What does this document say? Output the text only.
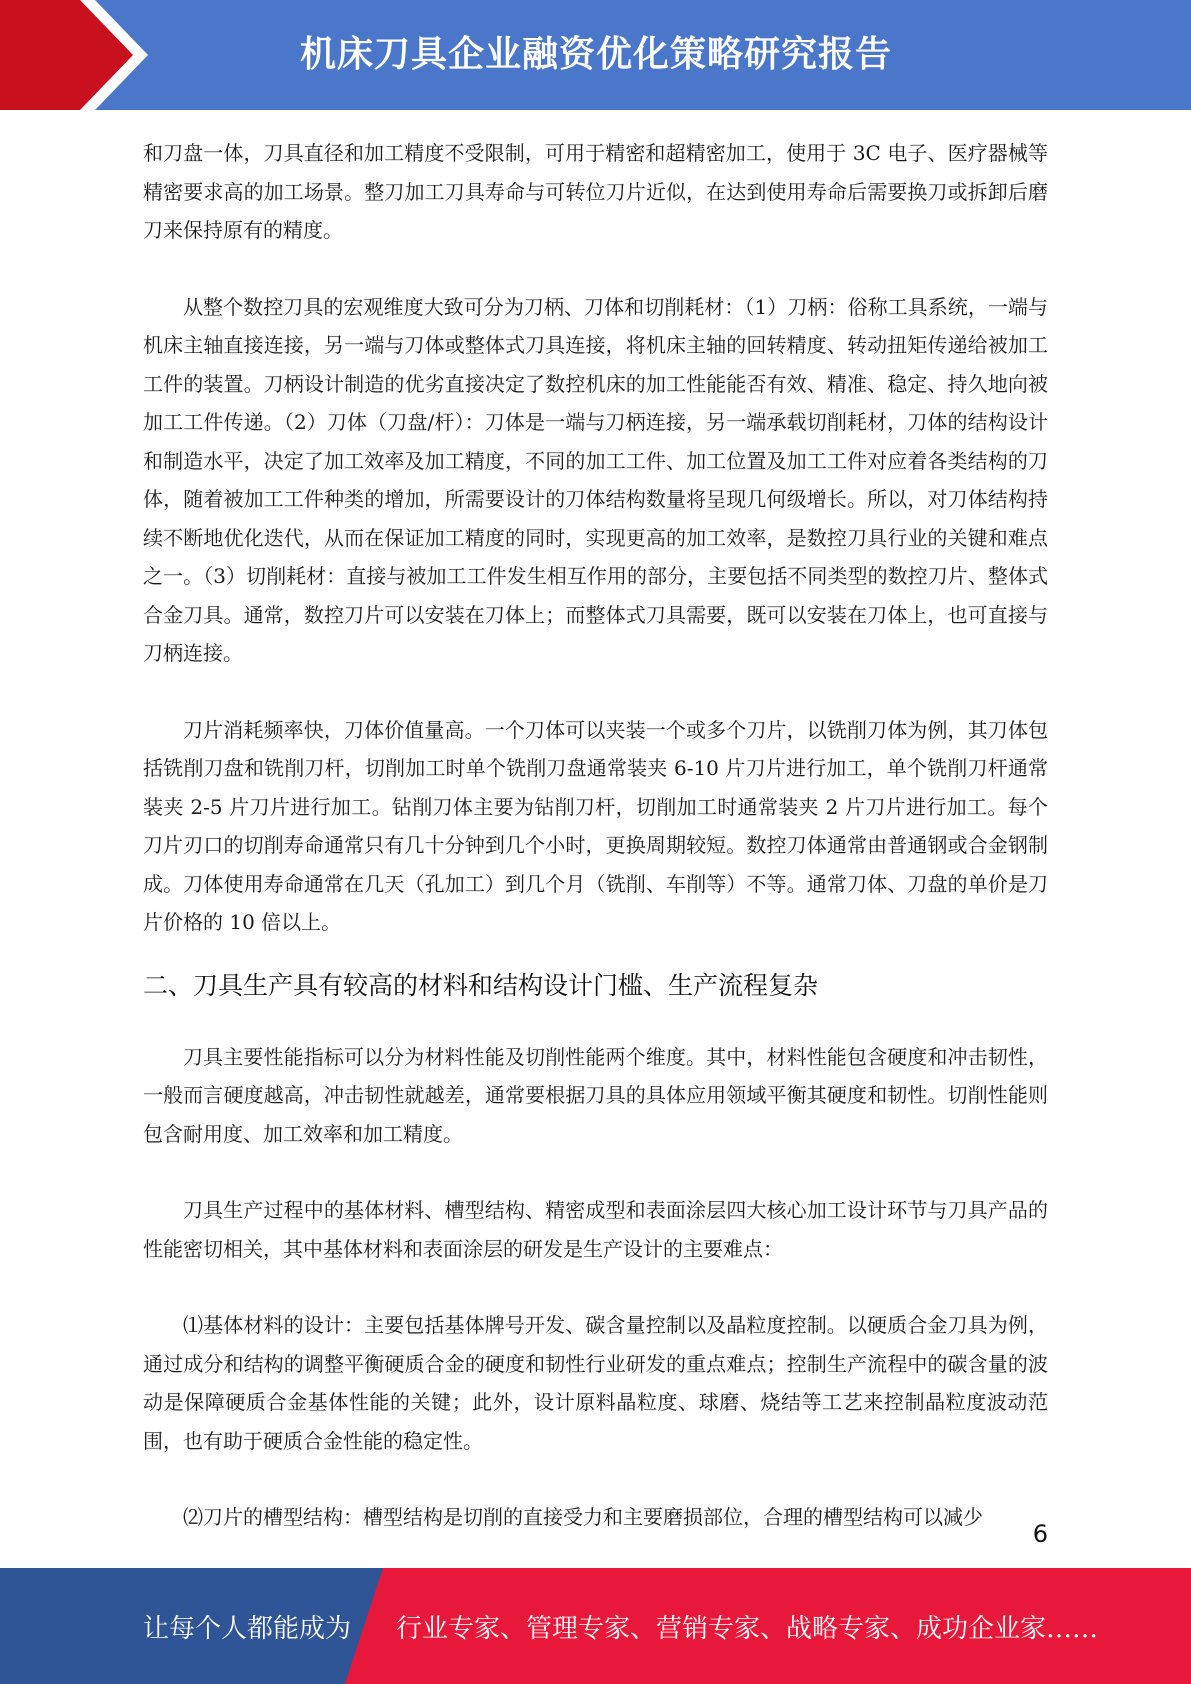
机床刀具企业融资优化策略研究报告

和刀盘一体，刀具直径和加工精度不受限制，可用于精密和超精密加工，使用于 3C 电子、医疗器械等精密要求高的加工场景。整刀加工刀具寿命与可转位刀片近似，在达到使用寿命后需要换刀或拆卸后磨刀来保持原有的精度。

从整个数控刀具的宏观维度大致可分为刀柄、刀体和切削耗材：（1）刀柄：俗称工具系统，一端与机床主轴直接连接，另一端与刀体或整体式刀具连接，将机床主轴的回转精度、转动扭矩传递给被加工工件的装置。刀柄设计制造的优劣直接决定了数控机床的加工性能能否有效、精准、稳定、持久地向被加工工件传递。（2）刀体（刀盘/杆）：刀体是一端与刀柄连接，另一端承载切削耗材，刀体的结构设计和制造水平，决定了加工效率及加工精度，不同的加工工件、加工位置及加工工件对应着各类结构的刀体，随着被加工工件种类的增加，所需要设计的刀体结构数量将呈现几何级增长。所以，对刀体结构持续不断地优化迭代，从而在保证加工精度的同时，实现更高的加工效率，是数控刀具行业的关键和难点之一。（3）切削耗材：直接与被加工工件发生相互作用的部分，主要包括不同类型的数控刀片、整体式合金刀具。通常，数控刀片可以安装在刀体上；而整体式刀具需要，既可以安装在刀体上，也可直接与刀柄连接。

刀片消耗频率快，刀体价值量高。一个刀体可以夹装一个或多个刀片，以铣削刀体为例，其刀体包括铣削刀盘和铣削刀杆，切削加工时单个铣削刀盘通常装夹 6-10 片刀片进行加工，单个铣削刀杆通常装夹 2-5 片刀片进行加工。钻削刀体主要为钻削刀杆，切削加工时通常装夹 2 片刀片进行加工。每个刀片刃口的切削寿命通常只有几十分钟到几个小时，更换周期较短。数控刀体通常由普通钢或合金钢制成。刀体使用寿命通常在几天（孔加工）到几个月（铣削、车削等）不等。通常刀体、刀盘的单价是刀片价格的 10 倍以上。

二、刀具生产具有较高的材料和结构设计门槛、生产流程复杂

刀具主要性能指标可以分为材料性能及切削性能两个维度。其中，材料性能包含硬度和冲击韧性，一般而言硬度越高，冲击韧性就越差，通常要根据刀具的具体应用领域平衡其硬度和韧性。切削性能则包含耐用度、加工效率和加工精度。

刀具生产过程中的基体材料、槽型结构、精密成型和表面涂层四大核心加工设计环节与刀具产品的性能密切相关，其中基体材料和表面涂层的研发是生产设计的主要难点：

⑴基体材料的设计：主要包括基体牌号开发、碳含量控制以及晶粒度控制。以硬质合金刀具为例，通过成分和结构的调整平衡硬质合金的硬度和韧性行业研发的重点难点；控制生产流程中的碳含量的波动是保障硬质合金基体性能的关键；此外，设计原料晶粒度、球磨、烧结等工艺来控制晶粒度波动范围，也有助于硬质合金性能的稳定性。

⑵刀片的槽型结构：槽型结构是切削的直接受力和主要磨损部位，合理的槽型结构可以减少

6
让每个人都能成为 行业专家、管理专家、营销专家、战略专家、成功企业家……
